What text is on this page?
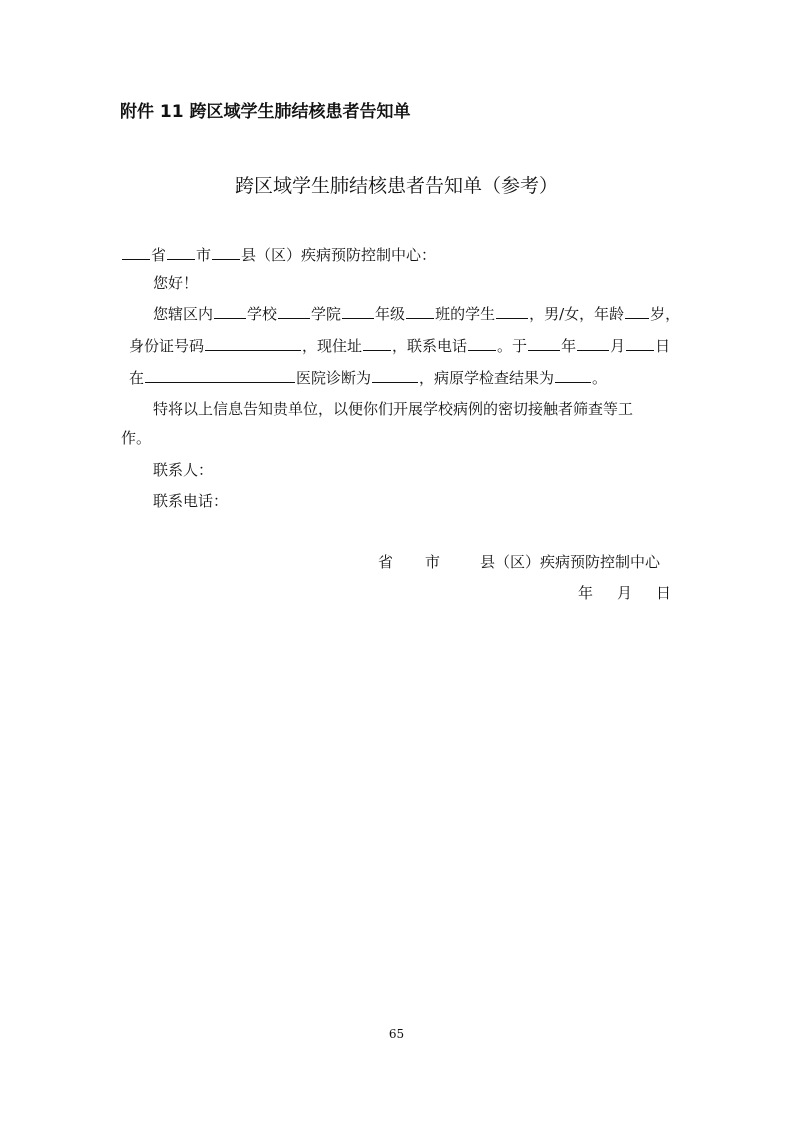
附件 11 跨区域学生肺结核患者告知单
跨区域学生肺结核患者告知单（参考）
省 市 县（区）疾病预防控制中心：
您好！
您辖区内 学校 学院 年级 班的学生 ，男/女，年龄 岁，
身份证号码	，现住址 ，联系电话 。于 年 月 日
在	医院诊断为	，病原学检查结果为	。
特将以上信息告知贵单位，以便你们开展学校病例的密切接触者筛查等工
作。
联系人：
联系电话：
省 市	县（区）疾病预防控制中心
年 月 日
65
